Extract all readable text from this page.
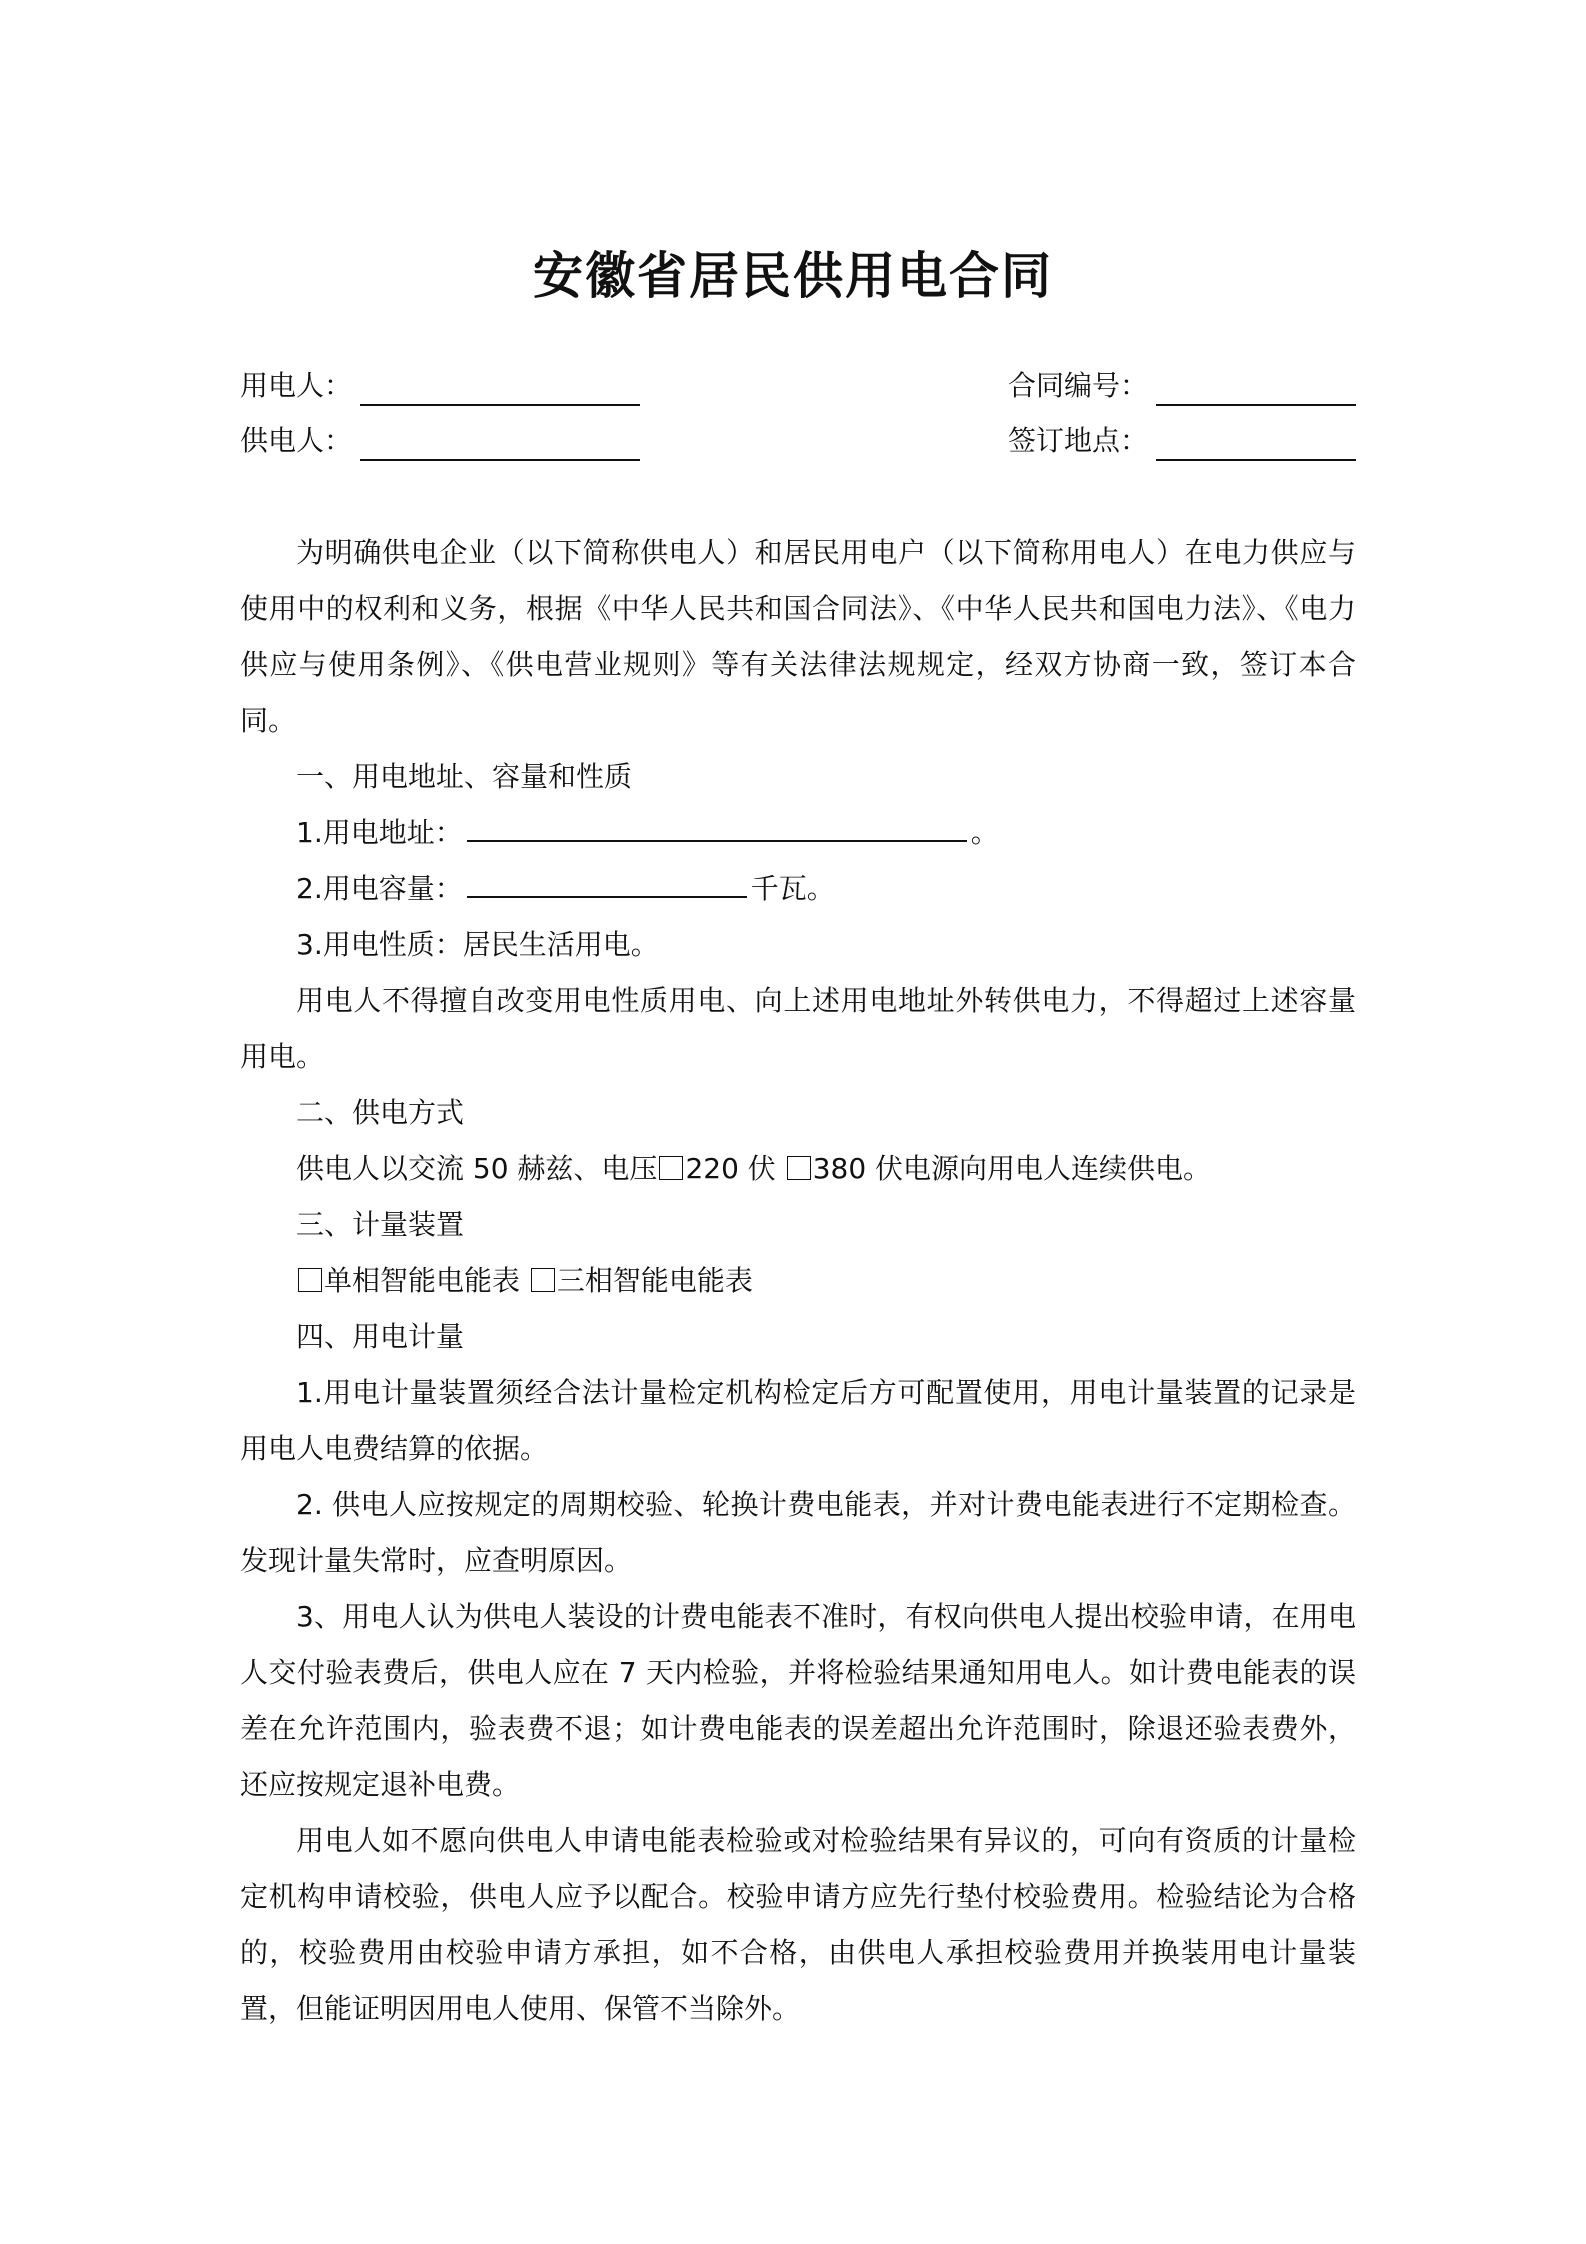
安徽省居民供用电合同
用电人：
供电人：
合同编号：
签订地点：

为明确供电企业（以下简称供电人）和居民用电户（以下简称用电人）在电力供应与使用中的权利和义务，根据《中华人民共和国合同法》、《中华人民共和国电力法》、《电力供应与使用条例》、《供电营业规则》等有关法律法规规定，经双方协商一致，签订本合同。

一、用电地址、容量和性质

1.用电地址：	。

2.用电容量：	千瓦。

3.用电性质：居民生活用电。

用电人不得擅自改变用电性质用电、向上述用电地址外转供电力，不得超过上述容量用电。

二、供电方式

供电人以交流 50 赫兹、电压 220 伏 380 伏电源向用电人连续供电。

三、计量装置

单相智能电能表 三相智能电能表

四、用电计量

1.用电计量装置须经合法计量检定机构检定后方可配置使用，用电计量装置的记录是用电人电费结算的依据。

2. 供电人应按规定的周期校验、轮换计费电能表，并对计费电能表进行不定期检查。发现计量失常时，应查明原因。

3、用电人认为供电人装设的计费电能表不准时，有权向供电人提出校验申请，在用电人交付验表费后，供电人应在 7 天内检验，并将检验结果通知用电人。如计费电能表的误差在允许范围内，验表费不退；如计费电能表的误差超出允许范围时，除退还验表费外，还应按规定退补电费。

用电人如不愿向供电人申请电能表检验或对检验结果有异议的，可向有资质的计量检定机构申请校验，供电人应予以配合。校验申请方应先行垫付校验费用。检验结论为合格的，校验费用由校验申请方承担，如不合格，由供电人承担校验费用并换装用电计量装置，但能证明因用电人使用、保管不当除外。
